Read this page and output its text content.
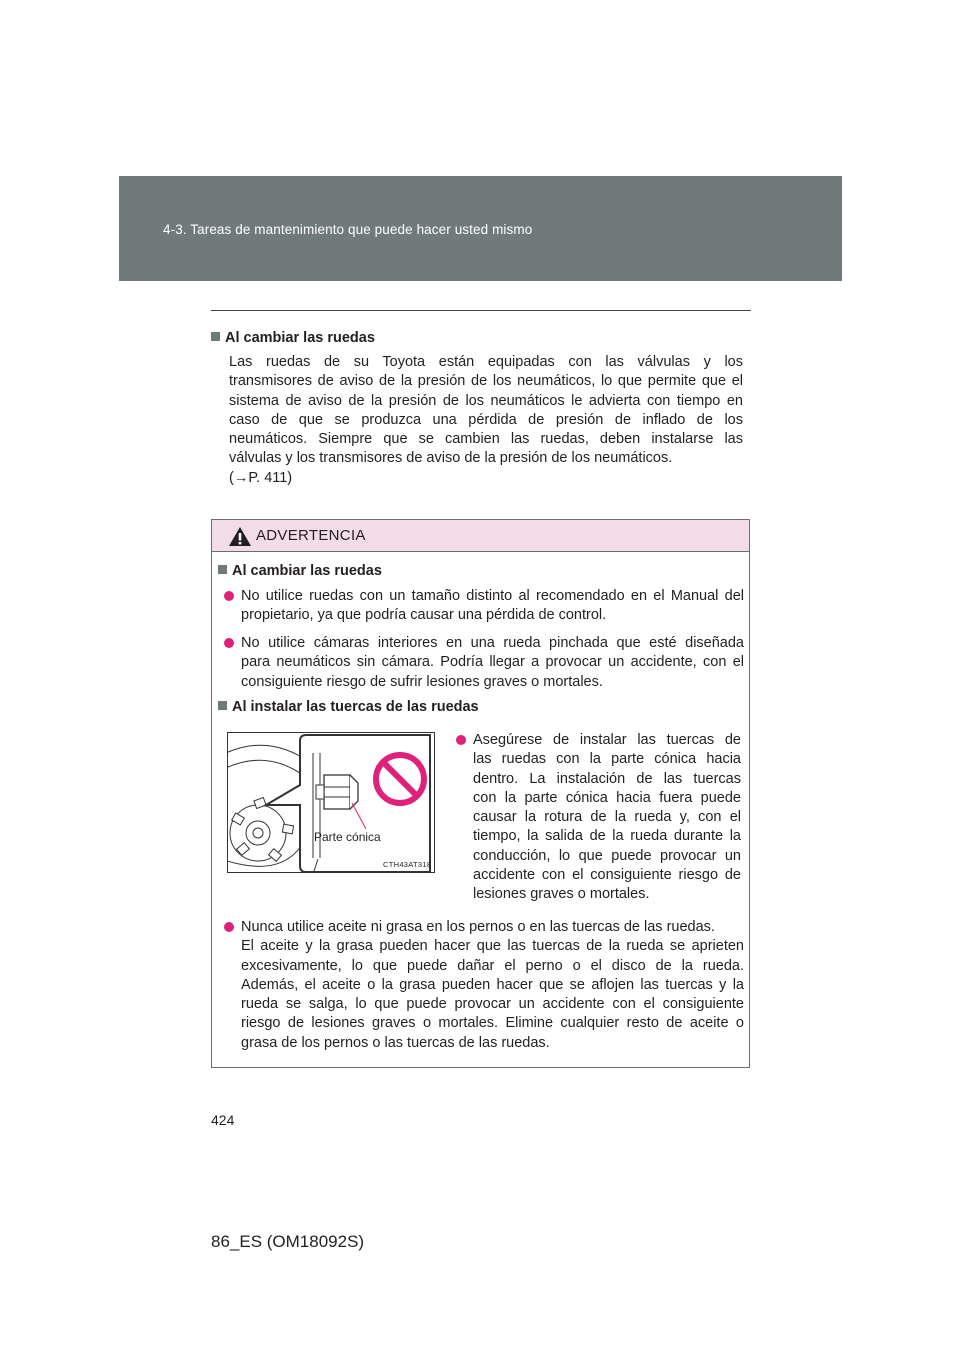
4-3. Tareas de mantenimiento que puede hacer usted mismo
Al cambiar las ruedas
Las ruedas de su Toyota están equipadas con las válvulas y los
transmisores de aviso de la presión de los neumáticos, lo que permite que el
sistema de aviso de la presión de los neumáticos le advierta con tiempo en
caso de que se produzca una pérdida de presión de inflado de los
neumáticos. Siempre que se cambien las ruedas, deben instalarse las
válvulas y los transmisores de aviso de la presión de los neumáticos.
(→P. 411)
ADVERTENCIA
Al cambiar las ruedas
No utilice ruedas con un tamaño distinto al recomendado en el Manual del
propietario, ya que podría causar una pérdida de control.
No utilice cámaras interiores en una rueda pinchada que esté diseñada
para neumáticos sin cámara. Podría llegar a provocar un accidente, con el
consiguiente riesgo de sufrir lesiones graves o mortales.
Al instalar las tuercas de las ruedas
Parte cónica
CTH43AT318
Asegúrese de instalar las tuercas de
las ruedas con la parte cónica hacia
dentro. La instalación de las tuercas
con la parte cónica hacia fuera puede
causar la rotura de la rueda y, con el
tiempo, la salida de la rueda durante la
conducción, lo que puede provocar un
accidente con el consiguiente riesgo de
lesiones graves o mortales.
Nunca utilice aceite ni grasa en los pernos o en las tuercas de las ruedas.
El aceite y la grasa pueden hacer que las tuercas de la rueda se aprieten
excesivamente, lo que puede dañar el perno o el disco de la rueda.
Además, el aceite o la grasa pueden hacer que se aflojen las tuercas y la
rueda se salga, lo que puede provocar un accidente con el consiguiente
riesgo de lesiones graves o mortales. Elimine cualquier resto de aceite o
grasa de los pernos o las tuercas de las ruedas.
424
86_ES (OM18092S)
